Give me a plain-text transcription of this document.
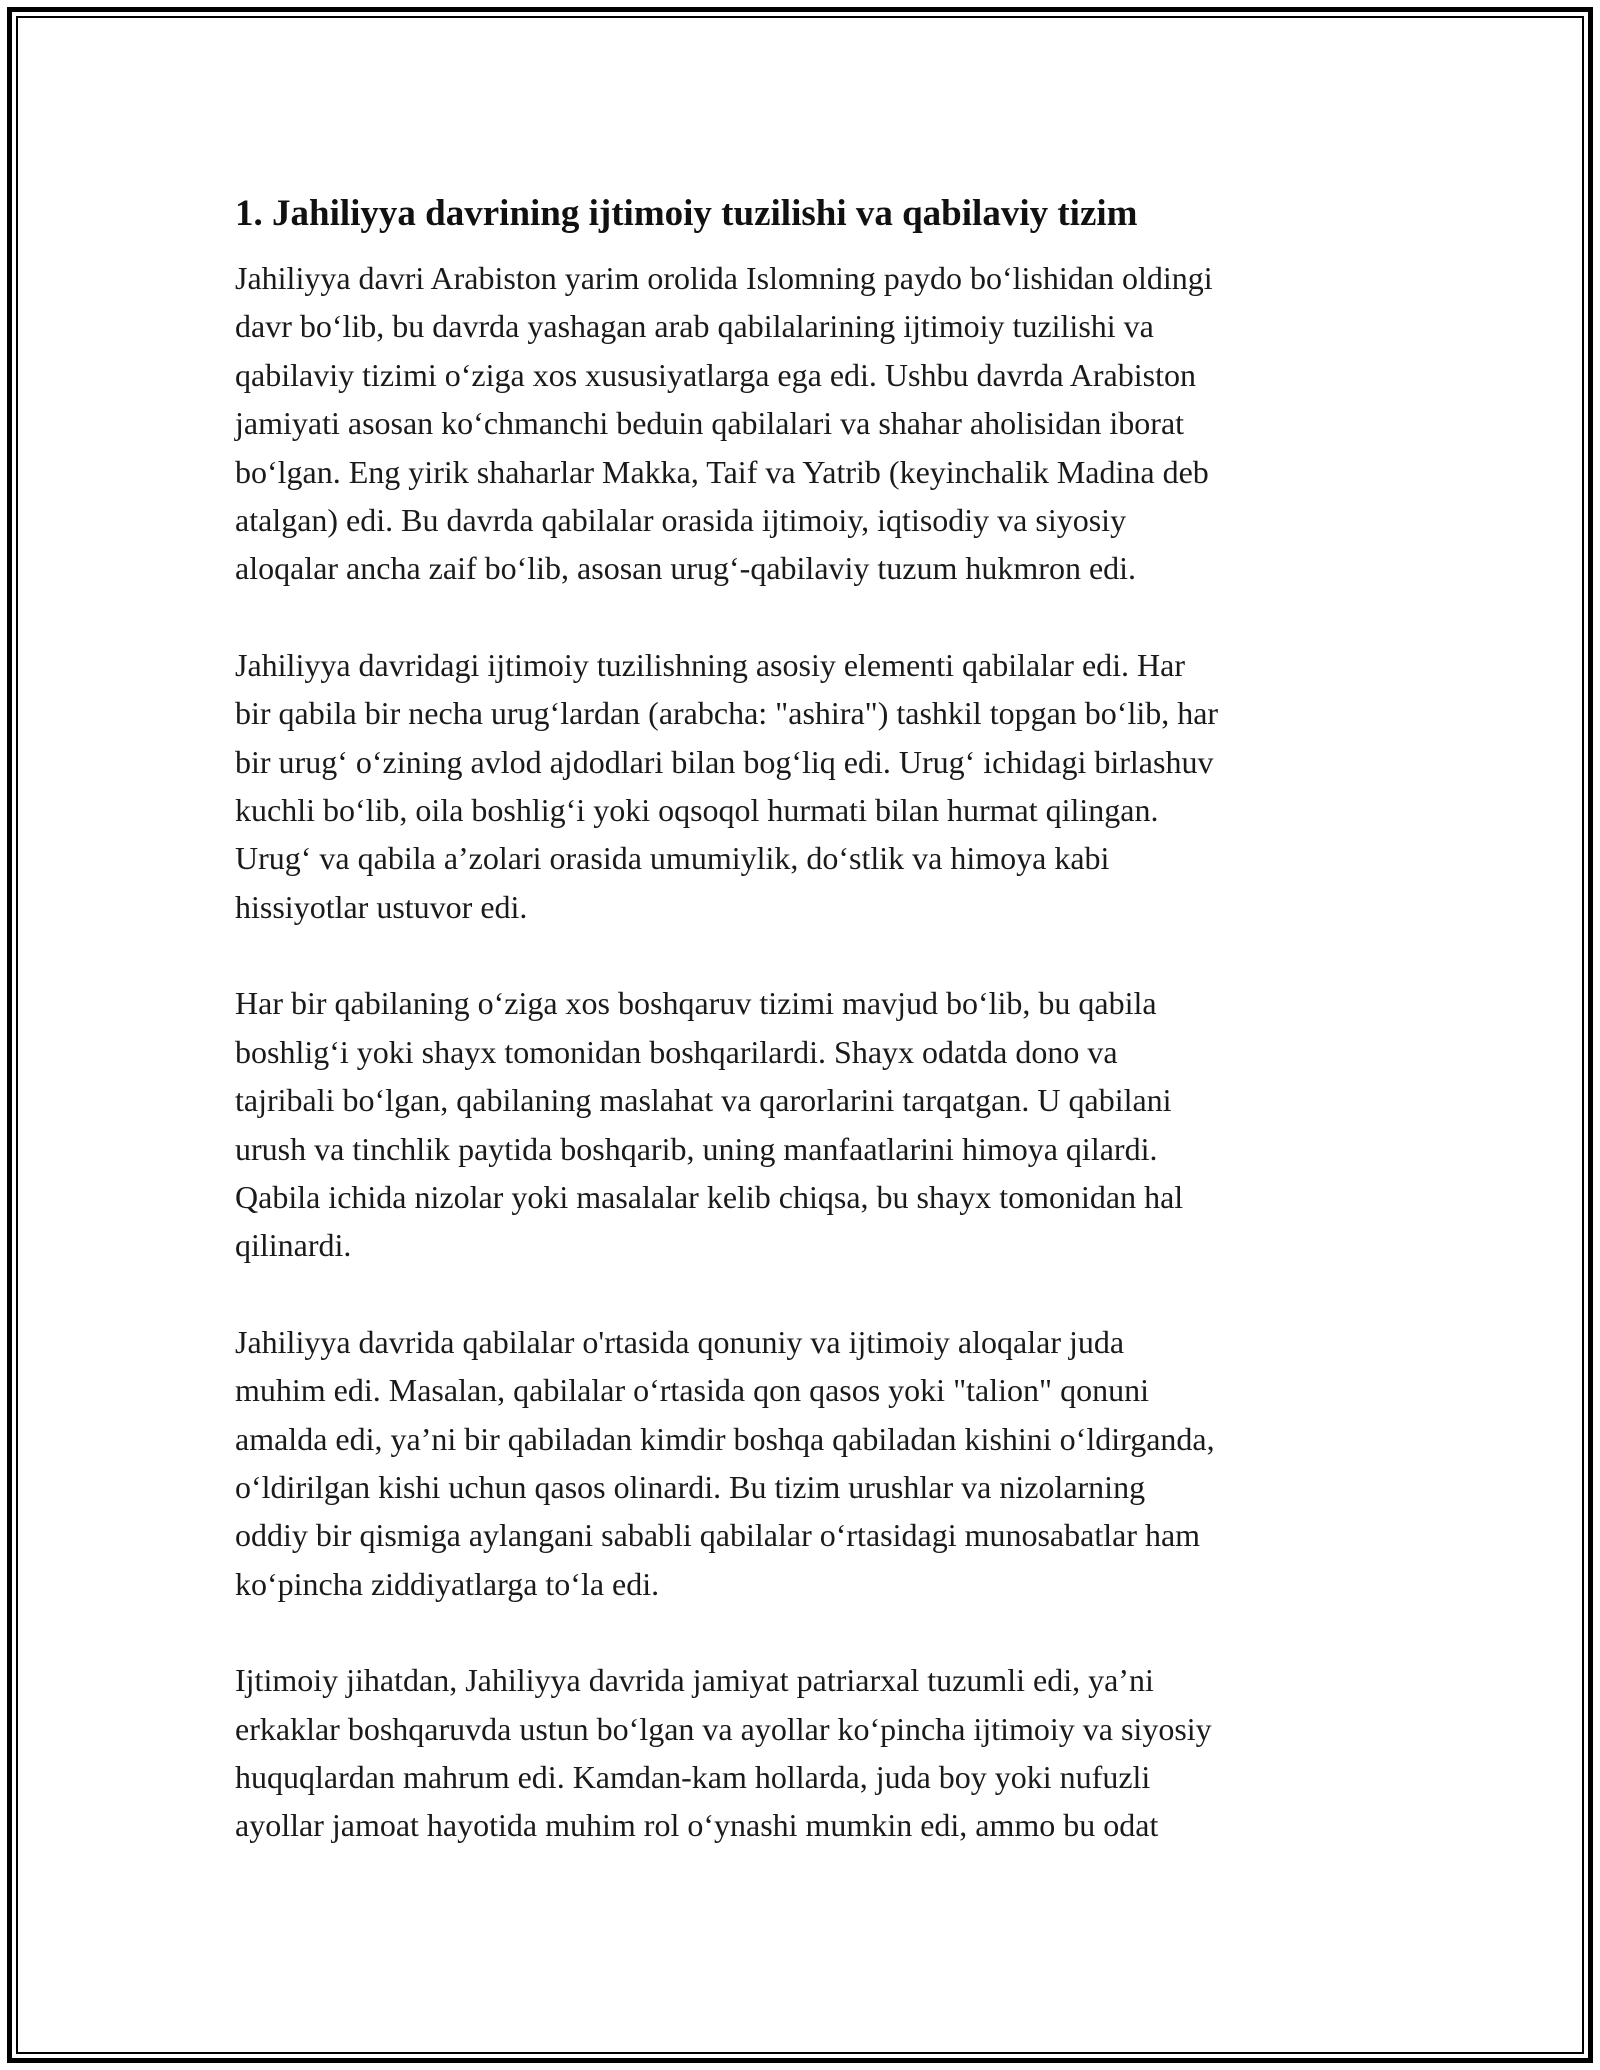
1. Jahiliyya davrining ijtimoiy tuzilishi va qabilaviy tizim

Jahiliyya davri Arabiston yarim orolida Islomning paydo bo‘lishidan oldingi
davr bo‘lib, bu davrda yashagan arab qabilalarining ijtimoiy tuzilishi va
qabilaviy tizimi o‘ziga xos xususiyatlarga ega edi. Ushbu davrda Arabiston
jamiyati asosan ko‘chmanchi beduin qabilalari va shahar aholisidan iborat
bo‘lgan. Eng yirik shaharlar Makka, Taif va Yatrib (keyinchalik Madina deb
atalgan) edi. Bu davrda qabilalar orasida ijtimoiy, iqtisodiy va siyosiy
aloqalar ancha zaif bo‘lib, asosan urug‘-qabilaviy tuzum hukmron edi.

Jahiliyya davridagi ijtimoiy tuzilishning asosiy elementi qabilalar edi. Har
bir qabila bir necha urug‘lardan (arabcha: "ashira") tashkil topgan bo‘lib, har
bir urug‘ o‘zining avlod ajdodlari bilan bog‘liq edi. Urug‘ ichidagi birlashuv
kuchli bo‘lib, oila boshlig‘i yoki oqsoqol hurmati bilan hurmat qilingan.
Urug‘ va qabila a’zolari orasida umumiylik, do‘stlik va himoya kabi
hissiyotlar ustuvor edi.

Har bir qabilaning o‘ziga xos boshqaruv tizimi mavjud bo‘lib, bu qabila
boshlig‘i yoki shayx tomonidan boshqarilardi. Shayx odatda dono va
tajribali bo‘lgan, qabilaning maslahat va qarorlarini tarqatgan. U qabilani
urush va tinchlik paytida boshqarib, uning manfaatlarini himoya qilardi.
Qabila ichida nizolar yoki masalalar kelib chiqsa, bu shayx tomonidan hal
qilinardi.

Jahiliyya davrida qabilalar o'rtasida qonuniy va ijtimoiy aloqalar juda
muhim edi. Masalan, qabilalar o‘rtasida qon qasos yoki "talion" qonuni
amalda edi, ya’ni bir qabiladan kimdir boshqa qabiladan kishini o‘ldirganda,
o‘ldirilgan kishi uchun qasos olinardi. Bu tizim urushlar va nizolarning
oddiy bir qismiga aylangani sababli qabilalar o‘rtasidagi munosabatlar ham
ko‘pincha ziddiyatlarga to‘la edi.

Ijtimoiy jihatdan, Jahiliyya davrida jamiyat patriarxal tuzumli edi, ya’ni
erkaklar boshqaruvda ustun bo‘lgan va ayollar ko‘pincha ijtimoiy va siyosiy
huquqlardan mahrum edi. Kamdan-kam hollarda, juda boy yoki nufuzli
ayollar jamoat hayotida muhim rol o‘ynashi mumkin edi, ammo bu odat
